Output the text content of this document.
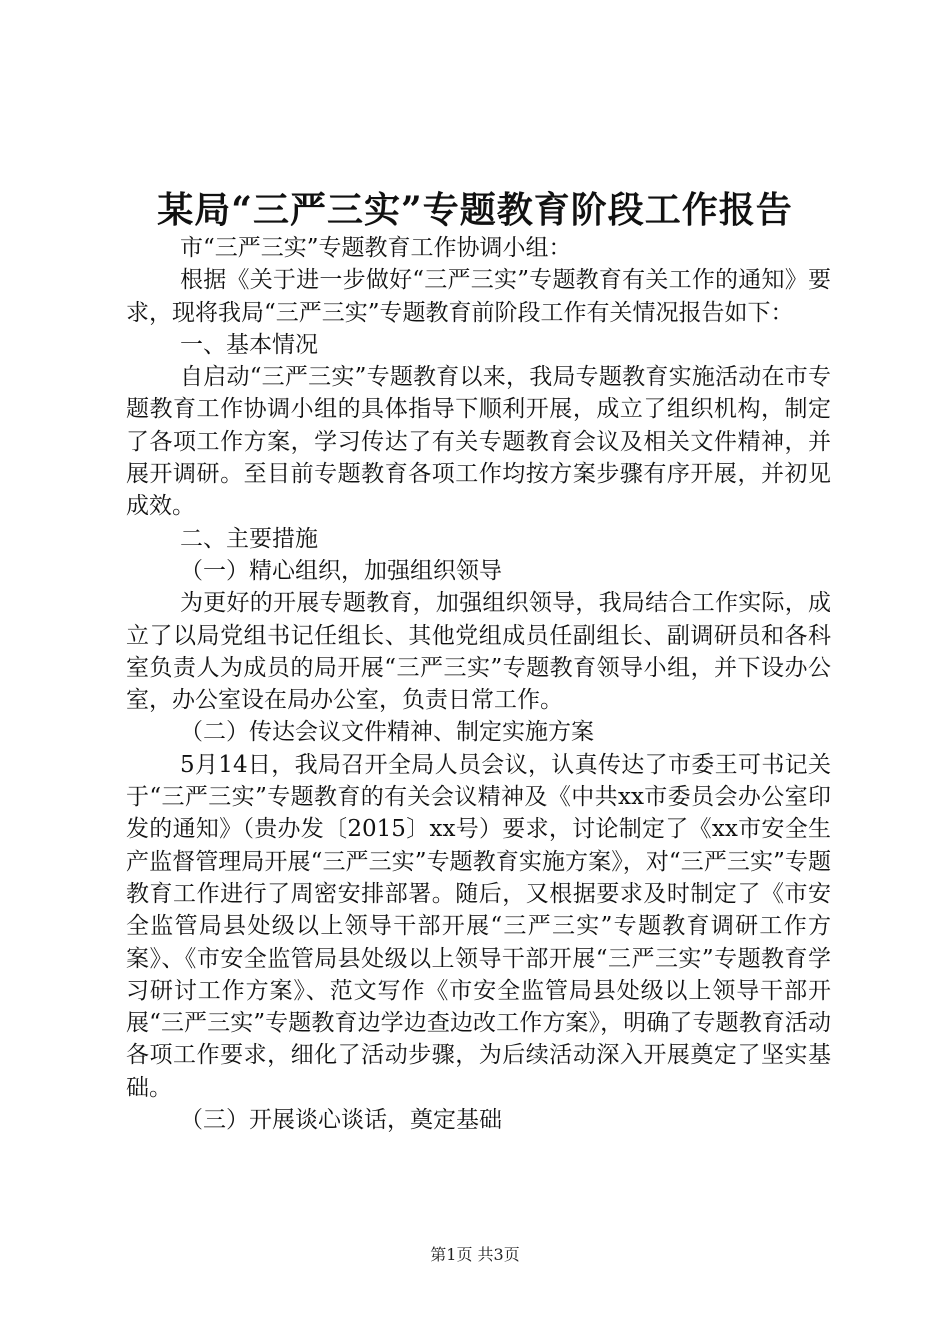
某局“三严三实”专题教育阶段工作报告

市“三严三实”专题教育工作协调小组：

根据《关于进一步做好“三严三实”专题教育有关工作的通知》要求，现将我局“三严三实”专题教育前阶段工作有关情况报告如下：

一、基本情况

自启动“三严三实”专题教育以来，我局专题教育实施活动在市专题教育工作协调小组的具体指导下顺利开展，成立了组织机构，制定了各项工作方案，学习传达了有关专题教育会议及相关文件精神，并展开调研。至目前专题教育各项工作均按方案步骤有序开展，并初见成效。

二、主要措施

（一）精心组织，加强组织领导

为更好的开展专题教育，加强组织领导，我局结合工作实际，成立了以局党组书记任组长、其他党组成员任副组长、副调研员和各科室负责人为成员的局开展“三严三实”专题教育领导小组，并下设办公室，办公室设在局办公室，负责日常工作。

（二）传达会议文件精神、制定实施方案

5月14日，我局召开全局人员会议，认真传达了市委王可书记关于“三严三实”专题教育的有关会议精神及《中共xx市委员会办公室印发的通知》（贵办发〔2015〕xx号）要求，讨论制定了《xx市安全生产监督管理局开展“三严三实”专题教育实施方案》，对“三严三实”专题教育工作进行了周密安排部署。随后，又根据要求及时制定了《市安全监管局县处级以上领导干部开展“三严三实”专题教育调研工作方案》、《市安全监管局县处级以上领导干部开展“三严三实”专题教育学习研讨工作方案》、范文写作《市安全监管局县处级以上领导干部开展“三严三实”专题教育边学边查边改工作方案》，明确了专题教育活动各项工作要求，细化了活动步骤，为后续活动深入开展奠定了坚实基础。

（三）开展谈心谈话，奠定基础

第1页 共3页
